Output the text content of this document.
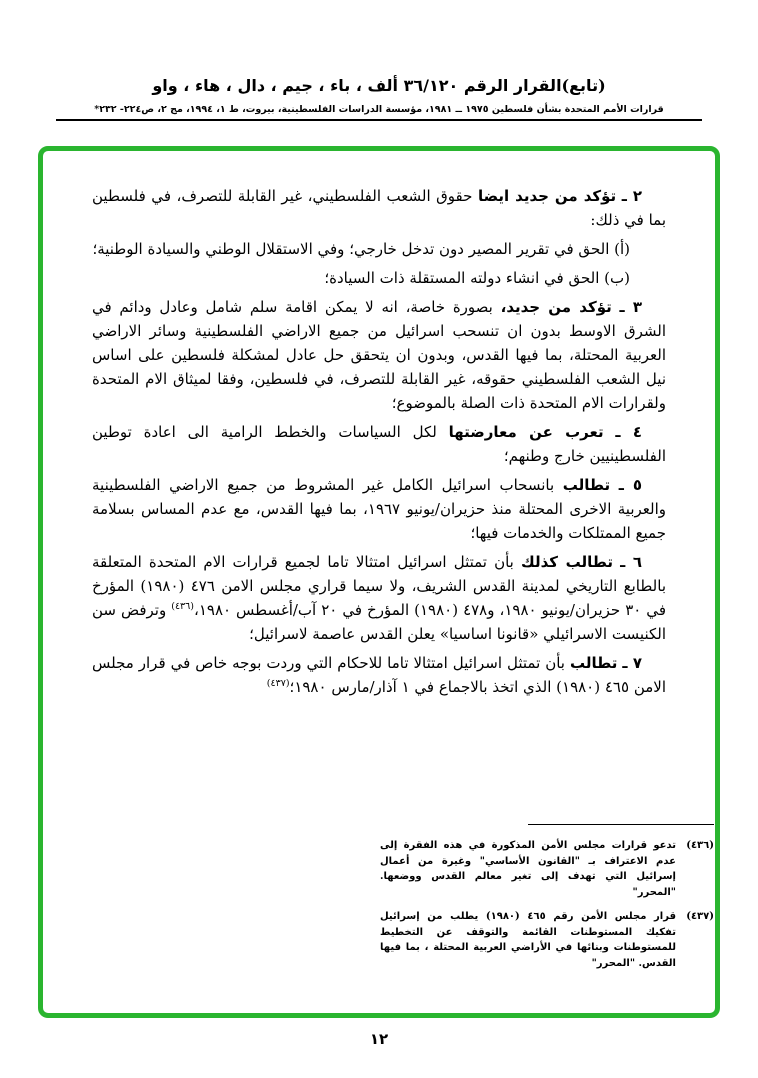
(تابع)القرار الرقم ٣٦/١٢٠ ألف ، باء ، جيم ، دال ، هاء ، واو
قرارات الأمم المتحدة بشأن فلسطين ١٩٧٥ ــ ١٩٨١، مؤسسة الدراسات الفلسطينية، بيروت، ط ١، ١٩٩٤، مج ٢، ص٢٢٤- ٢٣٢*

٢ ـ تؤكد من جديد ايضا حقوق الشعب الفلسطيني، غير القابلة للتصرف، في فلسطين بما في ذلك:

(أ) الحق في تقرير المصير دون تدخل خارجي؛ وفي الاستقلال الوطني والسيادة الوطنية؛

(ب) الحق في انشاء دولته المستقلة ذات السيادة؛

٣ ـ تؤكد من جديد، بصورة خاصة، انه لا يمكن اقامة سلم شامل وعادل ودائم في الشرق الاوسط بدون ان تنسحب اسرائيل من جميع الاراضي الفلسطينية وسائر الاراضي العربية المحتلة، بما فيها القدس، وبدون ان يتحقق حل عادل لمشكلة فلسطين على اساس نيل الشعب الفلسطيني حقوقه، غير القابلة للتصرف، في فلسطين، وفقا لميثاق الام المتحدة ولقرارات الام المتحدة ذات الصلة بالموضوع؛

٤ ـ تعرب عن معارضتها لكل السياسات والخطط الرامية الى اعادة توطين الفلسطينيين خارج وطنهم؛

٥ ـ تطالب بانسحاب اسرائيل الكامل غير المشروط من جميع الاراضي الفلسطينية والعربية الاخرى المحتلة منذ حزيران/يونيو ١٩٦٧، بما فيها القدس، مع عدم المساس بسلامة جميع الممتلكات والخدمات فيها؛

٦ ـ تطالب كذلك بأن تمتثل اسرائيل امتثالا تاما لجميع قرارات الام المتحدة المتعلقة بالطابع التاريخي لمدينة القدس الشريف، ولا سيما قراري مجلس الامن ٤٧٦ (١٩٨٠) المؤرخ في ٣٠ حزيران/يونيو ١٩٨٠، و٤٧٨ (١٩٨٠) المؤرخ في ٢٠ آب/أغسطس ١٩٨٠،$^{(٤٣٦)}$ وترفض سن الكنيست الاسرائيلي «قانونا اساسيا» يعلن القدس عاصمة لاسرائيل؛

٧ ـ تطالب بأن تمتثل اسرائيل امتثالا تاما للاحكام التي وردت بوجه خاص في قرار مجلس الامن ٤٦٥ (١٩٨٠) الذي اتخذ بالاجماع في ١ آذار/مارس ١٩٨٠؛$^{(٤٣٧)}$

(٤٣٦)
تدعو قرارات مجلس الأمن المذكورة في هذه الفقرة إلى عدم الاعتراف بـ "القانون الأساسي" وغيرة من أعمال إسرائيل التي تهدف إلى تغير معالم القدس ووضعها. "المحرر"
(٤٣٧)
قرار مجلس الأمن رقم ٤٦٥ (١٩٨٠) يطلب من إسرائيل تفكيك المستوطنات القائمة والتوقف عن التخطيط للمستوطنات وبنائها في الأراضي العربية المحتلة ، بما فيها القدس. "المحرر"
١٢
